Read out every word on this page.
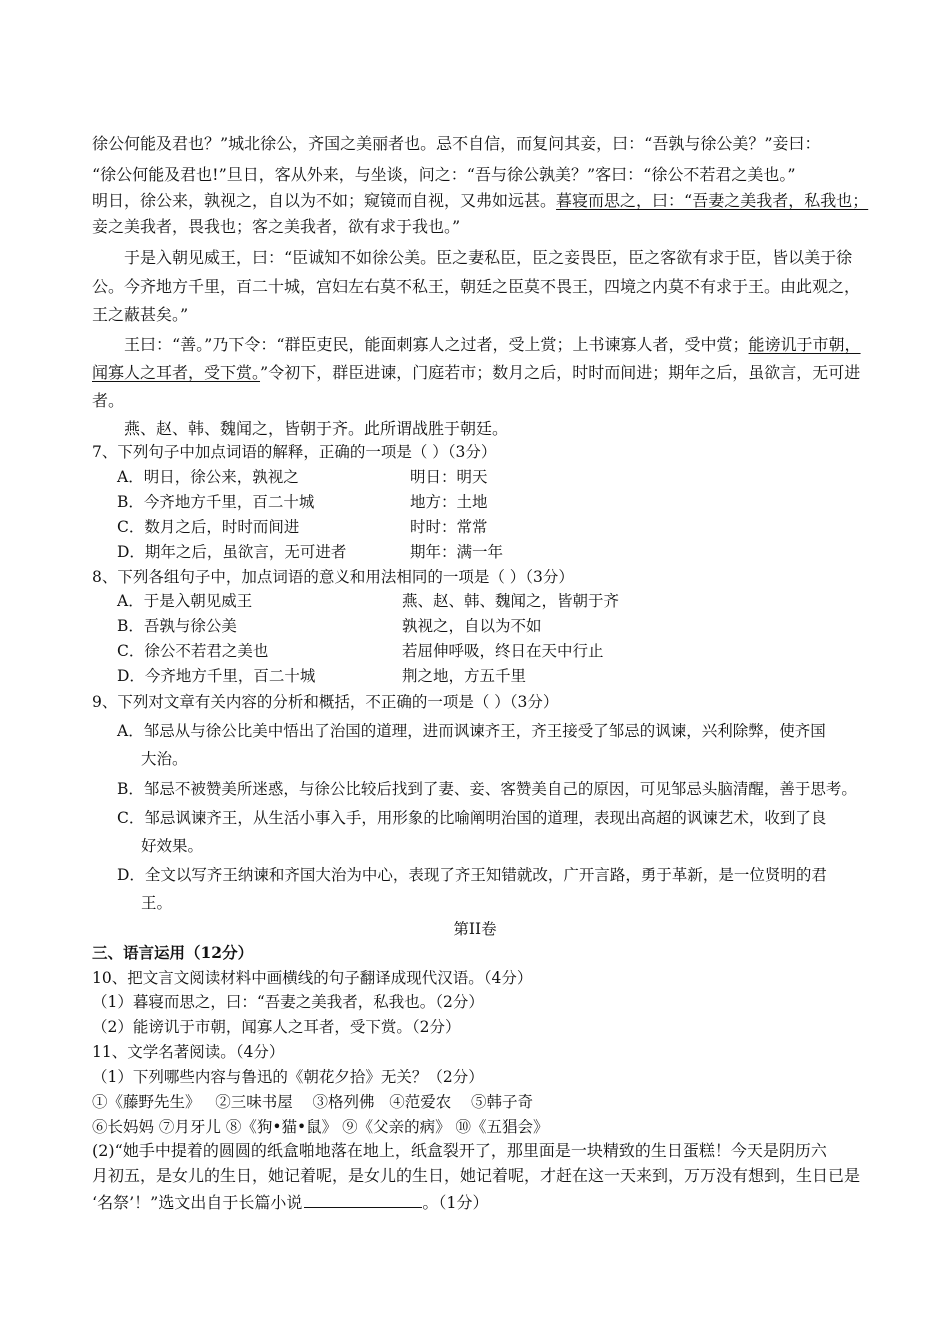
徐公何能及君也？”城北徐公，齐国之美丽者也。忌不自信，而复问其妾，曰：“吾孰与徐公美？”妾曰：
“徐公何能及君也!”旦日，客从外来，与坐谈，问之：“吾与徐公孰美？”客曰：“徐公不若君之美也。”
明日，徐公来，孰视之，自以为不如；窥镜而自视，又弗如远甚。暮寝而思之，曰：“吾妻之美我者，私我也；
妾之美我者，畏我也；客之美我者，欲有求于我也。”
于是入朝见威王，曰：“臣诚知不如徐公美。臣之妻私臣，臣之妾畏臣，臣之客欲有求于臣，皆以美于徐
公。今齐地方千里，百二十城，宫妇左右莫不私王，朝廷之臣莫不畏王，四境之内莫不有求于王。由此观之，
王之蔽甚矣。”
王曰：“善。”乃下令：“群臣吏民，能面刺寡人之过者，受上赏；上书谏寡人者，受中赏；能谤讥于市朝，
闻寡人之耳者，受下赏。”令初下，群臣进谏，门庭若市；数月之后，时时而间进；期年之后，虽欲言，无可进
者。
燕、赵、韩、魏闻之，皆朝于齐。此所谓战胜于朝廷。
7、下列句子中加点词语的解释，正确的一项是（ ）（3分）
A．明日，徐公来，孰视之	明日：明天
B．今齐地方千里，百二十城	地方：土地
C．数月之后，时时而间进	时时：常常
D．期年之后，虽欲言，无可进者	期年：满一年
8、下列各组句子中，加点词语的意义和用法相同的一项是（ ）（3分）
A．于是入朝见威王	燕、赵、韩、魏闻之，皆朝于齐
B．吾孰与徐公美	孰视之，自以为不如
C．徐公不若君之美也	若屈伸呼吸，终日在天中行止
D．今齐地方千里，百二十城	荆之地，方五千里
9、下列对文章有关内容的分析和概括，不正确的一项是（ ）（3分）
A．邹忌从与徐公比美中悟出了治国的道理，进而讽谏齐王，齐王接受了邹忌的讽谏，兴利除弊，使齐国
大治。
B．邹忌不被赞美所迷惑，与徐公比较后找到了妻、妾、客赞美自己的原因，可见邹忌头脑清醒，善于思考。
C．邹忌讽谏齐王，从生活小事入手，用形象的比喻阐明治国的道理，表现出高超的讽谏艺术，收到了良
好效果。
D．全文以写齐王纳谏和齐国大治为中心，表现了齐王知错就改，广开言路，勇于革新，是一位贤明的君
王。
第II卷
三、语言运用（12分）
10、把文言文阅读材料中画横线的句子翻译成现代汉语。（4分）
（1）暮寝而思之，曰：“吾妻之美我者，私我也。（2分）
（2）能谤讥于市朝，闻寡人之耳者，受下赏。（2分）
11、文学名著阅读。（4分）
（1）下列哪些内容与鲁迅的《朝花夕拾》无关？（2分）
①《藤野先生》   ②三味书屋    ③格列佛   ④范爱农    ⑤韩子奇
⑥长妈妈 ⑦月牙儿 ⑧《狗•猫•鼠》 ⑨《父亲的病》 ⑩《五猖会》
(2)“她手中提着的圆圆的纸盒啪地落在地上，纸盒裂开了，那里面是一块精致的生日蛋糕！今天是阴历六
月初五，是女儿的生日，她记着呢，是女儿的生日，她记着呢，才赶在这一天来到，万万没有想到，生日已是
‘名祭’！”选文出自于长篇小说	。（1分）
